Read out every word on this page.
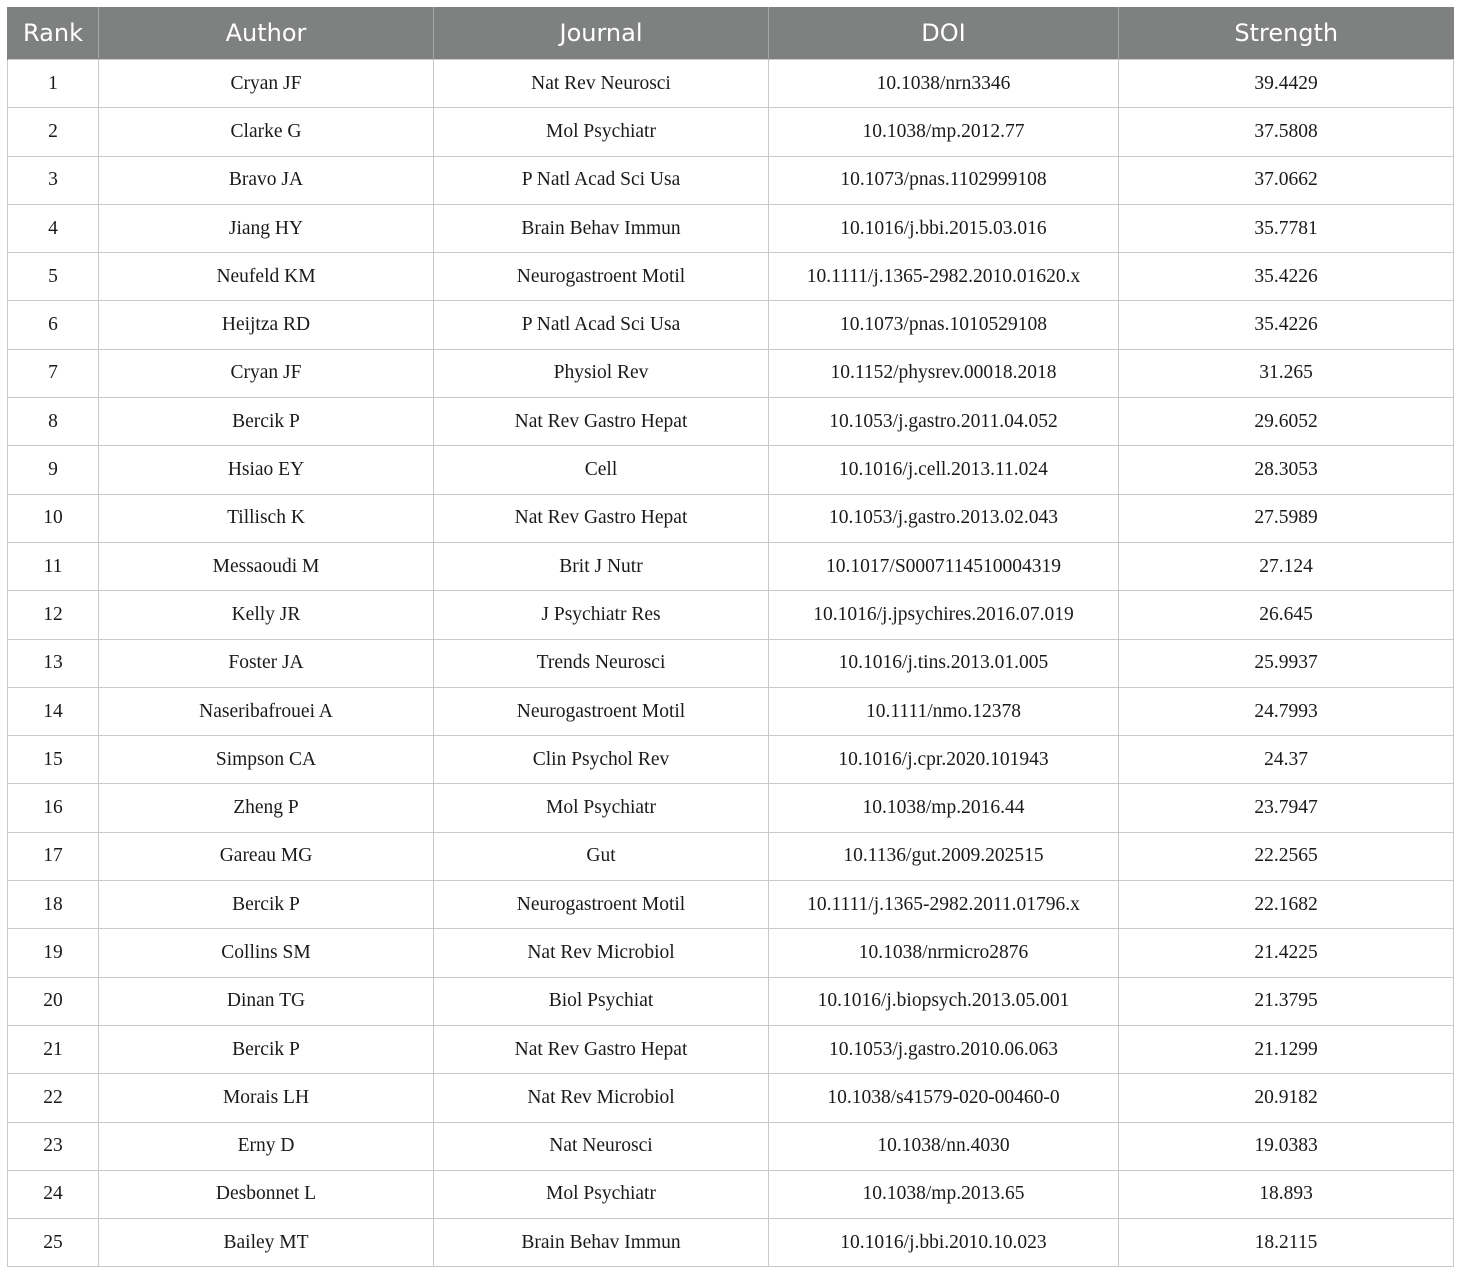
Rank	Author	Journal	DOI	Strength
1	Cryan JF	Nat Rev Neurosci	10.1038/nrn3346	39.4429
2	Clarke G	Mol Psychiatr	10.1038/mp.2012.77	37.5808
3	Bravo JA	P Natl Acad Sci Usa	10.1073/pnas.1102999108	37.0662
4	Jiang HY	Brain Behav Immun	10.1016/j.bbi.2015.03.016	35.7781
5	Neufeld KM	Neurogastroent Motil	10.1111/j.1365-2982.2010.01620.x	35.4226
6	Heijtza RD	P Natl Acad Sci Usa	10.1073/pnas.1010529108	35.4226
7	Cryan JF	Physiol Rev	10.1152/physrev.00018.2018	31.265
8	Bercik P	Nat Rev Gastro Hepat	10.1053/j.gastro.2011.04.052	29.6052
9	Hsiao EY	Cell	10.1016/j.cell.2013.11.024	28.3053
10	Tillisch K	Nat Rev Gastro Hepat	10.1053/j.gastro.2013.02.043	27.5989
11	Messaoudi M	Brit J Nutr	10.1017/S0007114510004319	27.124
12	Kelly JR	J Psychiatr Res	10.1016/j.jpsychires.2016.07.019	26.645
13	Foster JA	Trends Neurosci	10.1016/j.tins.2013.01.005	25.9937
14	Naseribafrouei A	Neurogastroent Motil	10.1111/nmo.12378	24.7993
15	Simpson CA	Clin Psychol Rev	10.1016/j.cpr.2020.101943	24.37
16	Zheng P	Mol Psychiatr	10.1038/mp.2016.44	23.7947
17	Gareau MG	Gut	10.1136/gut.2009.202515	22.2565
18	Bercik P	Neurogastroent Motil	10.1111/j.1365-2982.2011.01796.x	22.1682
19	Collins SM	Nat Rev Microbiol	10.1038/nrmicro2876	21.4225
20	Dinan TG	Biol Psychiat	10.1016/j.biopsych.2013.05.001	21.3795
21	Bercik P	Nat Rev Gastro Hepat	10.1053/j.gastro.2010.06.063	21.1299
22	Morais LH	Nat Rev Microbiol	10.1038/s41579-020-00460-0	20.9182
23	Erny D	Nat Neurosci	10.1038/nn.4030	19.0383
24	Desbonnet L	Mol Psychiatr	10.1038/mp.2013.65	18.893
25	Bailey MT	Brain Behav Immun	10.1016/j.bbi.2010.10.023	18.2115
